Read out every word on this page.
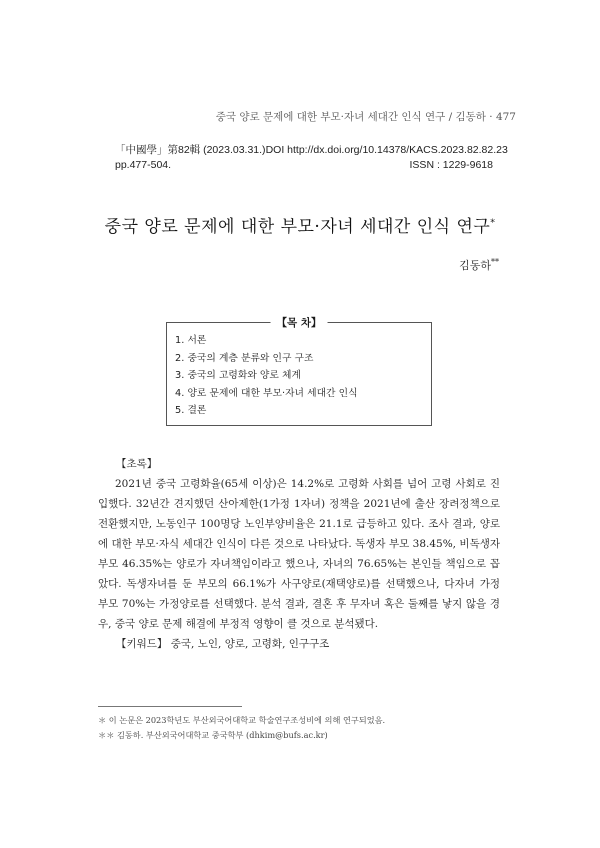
중국 양로 문제에 대한 부모·자녀 세대간 인식 연구 / 김동하 · 477
「中國學」第82輯 (2023.03.31.) DOI http://dx.doi.org/10.14378/KACS.2023.82.82.23
pp.477-504.	ISSN : 1229-9618
중국 양로 문제에 대한 부모·자녀 세대간 인식 연구*
김동하**
【목 차】
1. 서론
2. 중국의 계층 분류와 인구 구조
3. 중국의 고령화와 양로 체계
4. 양로 문제에 대한 부모·자녀 세대간 인식
5. 결론
【초록】

2021년 중국 고령화율(65세 이상)은 14.2%로 고령화 사회를 넘어 고령 사회로 진입했다. 32년간 견지했던 산아제한(1가정 1자녀) 정책을 2021년에 출산 장려정책으로 전환했지만, 노동인구 100명당 노인부양비율은 21.1로 급등하고 있다. 조사 결과, 양로에 대한 부모·자식 세대간 인식이 다른 것으로 나타났다. 독생자 부모 38.45%, 비독생자 부모 46.35%는 양로가 자녀책임이라고 했으나, 자녀의 76.65%는 본인들 책임으로 꼽았다. 독생자녀를 둔 부모의 66.1%가 사구양로(재택양로)를 선택했으나, 다자녀 가정 부모 70%는 가정양로를 선택했다. 분석 결과, 결혼 후 무자녀 혹은 둘째를 낳지 않을 경우, 중국 양로 문제 해결에 부정적 영향이 클 것으로 분석됐다.

【키워드】 중국, 노인, 양로, 고령화, 인구구조
＊ 이 논문은 2023학년도 부산외국어대학교 학술연구조성비에 의해 연구되었음.
＊＊ 김동하. 부산외국어대학교 중국학부 (dhkim@bufs.ac.kr)
